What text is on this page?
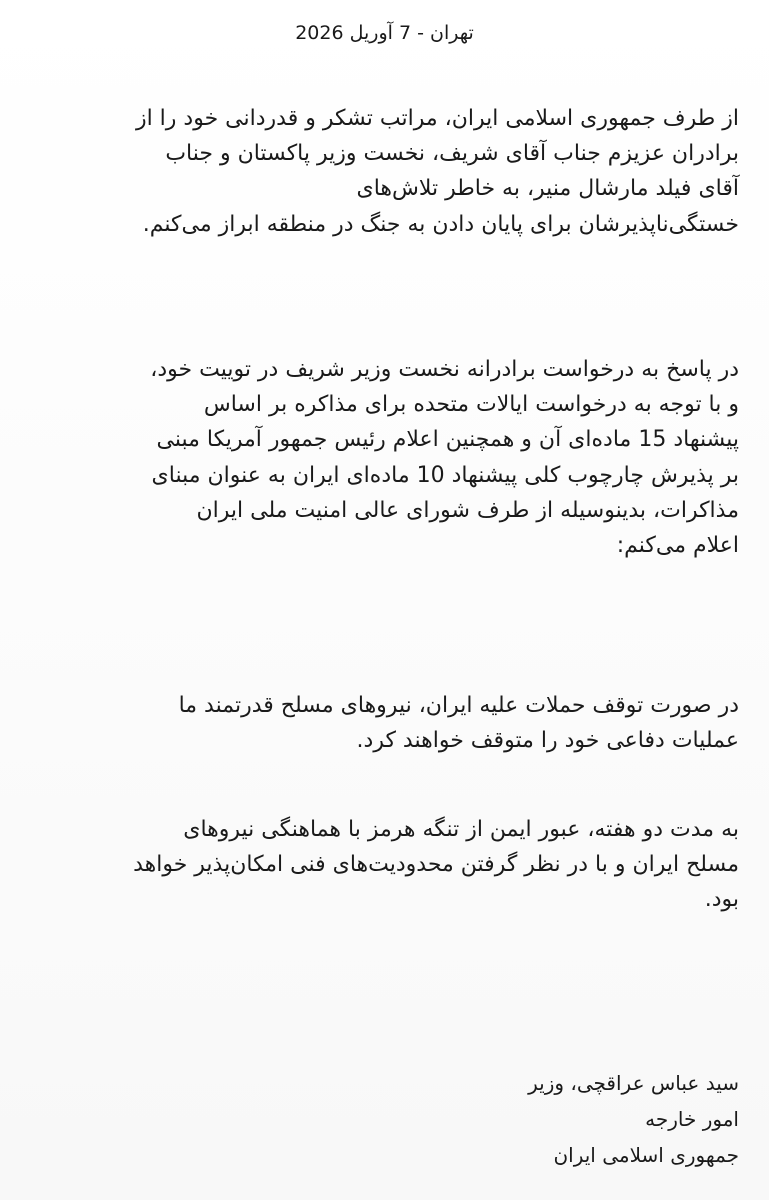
تهران - 7 آوریل 2026

از طرف جمهوری اسلامی ایران، مراتب تشکر و قدردانی خود را از
برادران عزیزم جناب آقای شریف، نخست وزیر پاکستان و جناب
آقای فیلد مارشال منیر، به خاطر تلاش‌های
خستگی‌ناپذیرشان برای پایان دادن به جنگ در منطقه ابراز می‌کنم.

در پاسخ به درخواست برادرانه نخست وزیر شریف در توییت خود،
و با توجه به درخواست ایالات متحده برای مذاکره بر اساس
پیشنهاد 15 ماده‌ای آن و همچنین اعلام رئیس جمهور آمریکا مبنی
بر پذیرش چارچوب کلی پیشنهاد 10 ماده‌ای ایران به عنوان مبنای
مذاکرات، بدینوسیله از طرف شورای عالی امنیت ملی ایران
اعلام می‌کنم:

در صورت توقف حملات علیه ایران، نیروهای مسلح قدرتمند ما
عملیات دفاعی خود را متوقف خواهند کرد.

به مدت دو هفته، عبور ایمن از تنگه هرمز با هماهنگی نیروهای
مسلح ایران و با در نظر گرفتن محدودیت‌های فنی امکان‌پذیر خواهد
بود.

سید عباس عراقچی، وزیر
امور خارجه
جمهوری اسلامی ایران
